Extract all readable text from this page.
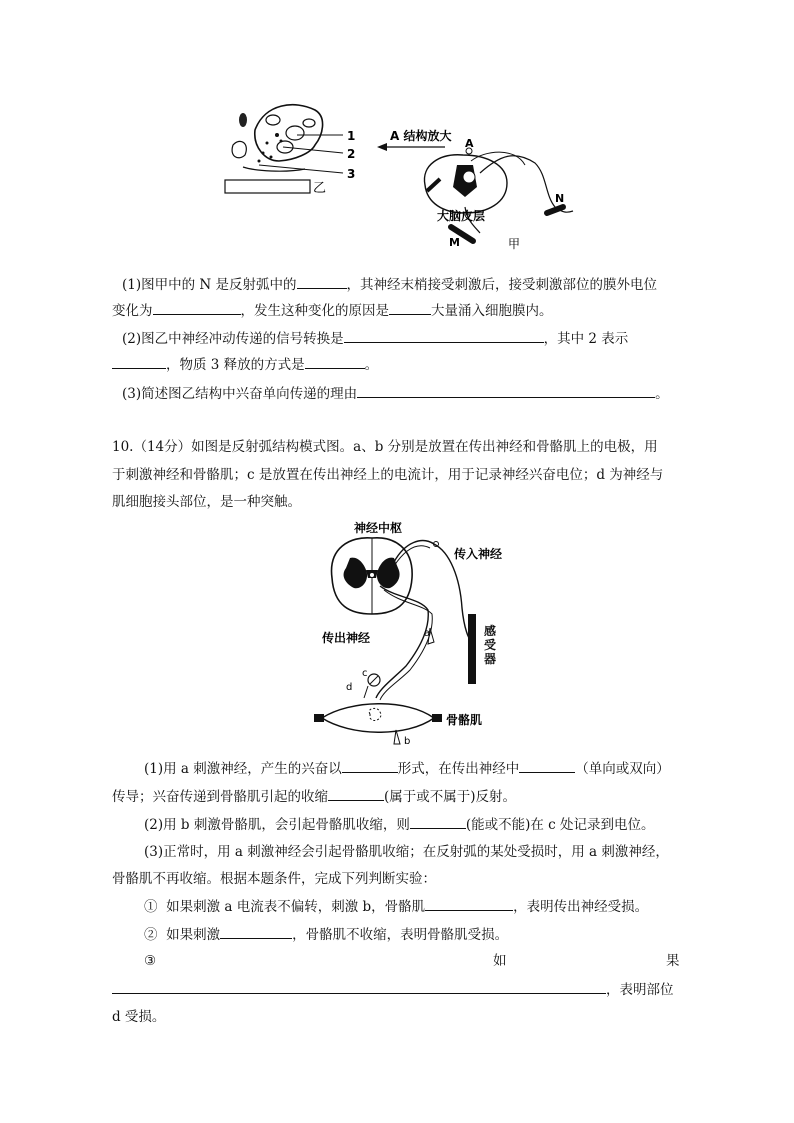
1
2
3
乙
A 结构放大
A
N
M
大脑皮层
甲
(1)图甲中的 N 是反射弧中的	，其神经末梢接受刺激后，接受刺激部位的膜外电位
变化为	，发生这种变化的原因是	大量涌入细胞膜内。
(2)图乙中神经冲动传递的信号转换是	，其中 2 表示
，物质 3 释放的方式是	。
(3)简述图乙结构中兴奋单向传递的理由	。
10.（14分）如图是反射弧结构模式图。a、b 分别是放置在传出神经和骨骼肌上的电极，用
于刺激神经和骨骼肌；c 是放置在传出神经上的电流计，用于记录神经兴奋电位；d 为神经与
肌细胞接头部位，是一种突触。
神经中枢
传入神经
传出神经
骨骼肌
a
b
c
d
感受器
(1)用 a 刺激神经，产生的兴奋以	形式，在传出神经中	（单向或双向）
传导；兴奋传递到骨骼肌引起的收缩	(属于或不属于)反射。
(2)用 b 刺激骨骼肌，会引起骨骼肌收缩，则	(能或不能)在 c 处记录到电位。
(3)正常时，用 a 刺激神经会引起骨骼肌收缩；在反射弧的某处受损时，用 a 刺激神经，
骨骼肌不再收缩。根据本题条件，完成下列判断实验：
① 如果刺激 a 电流表不偏转，刺激 b，骨骼肌	，表明传出神经受损。
② 如果刺激	，骨骼肌不收缩，表明骨骼肌受损。
③	如	果
，表明部位
d 受损。
